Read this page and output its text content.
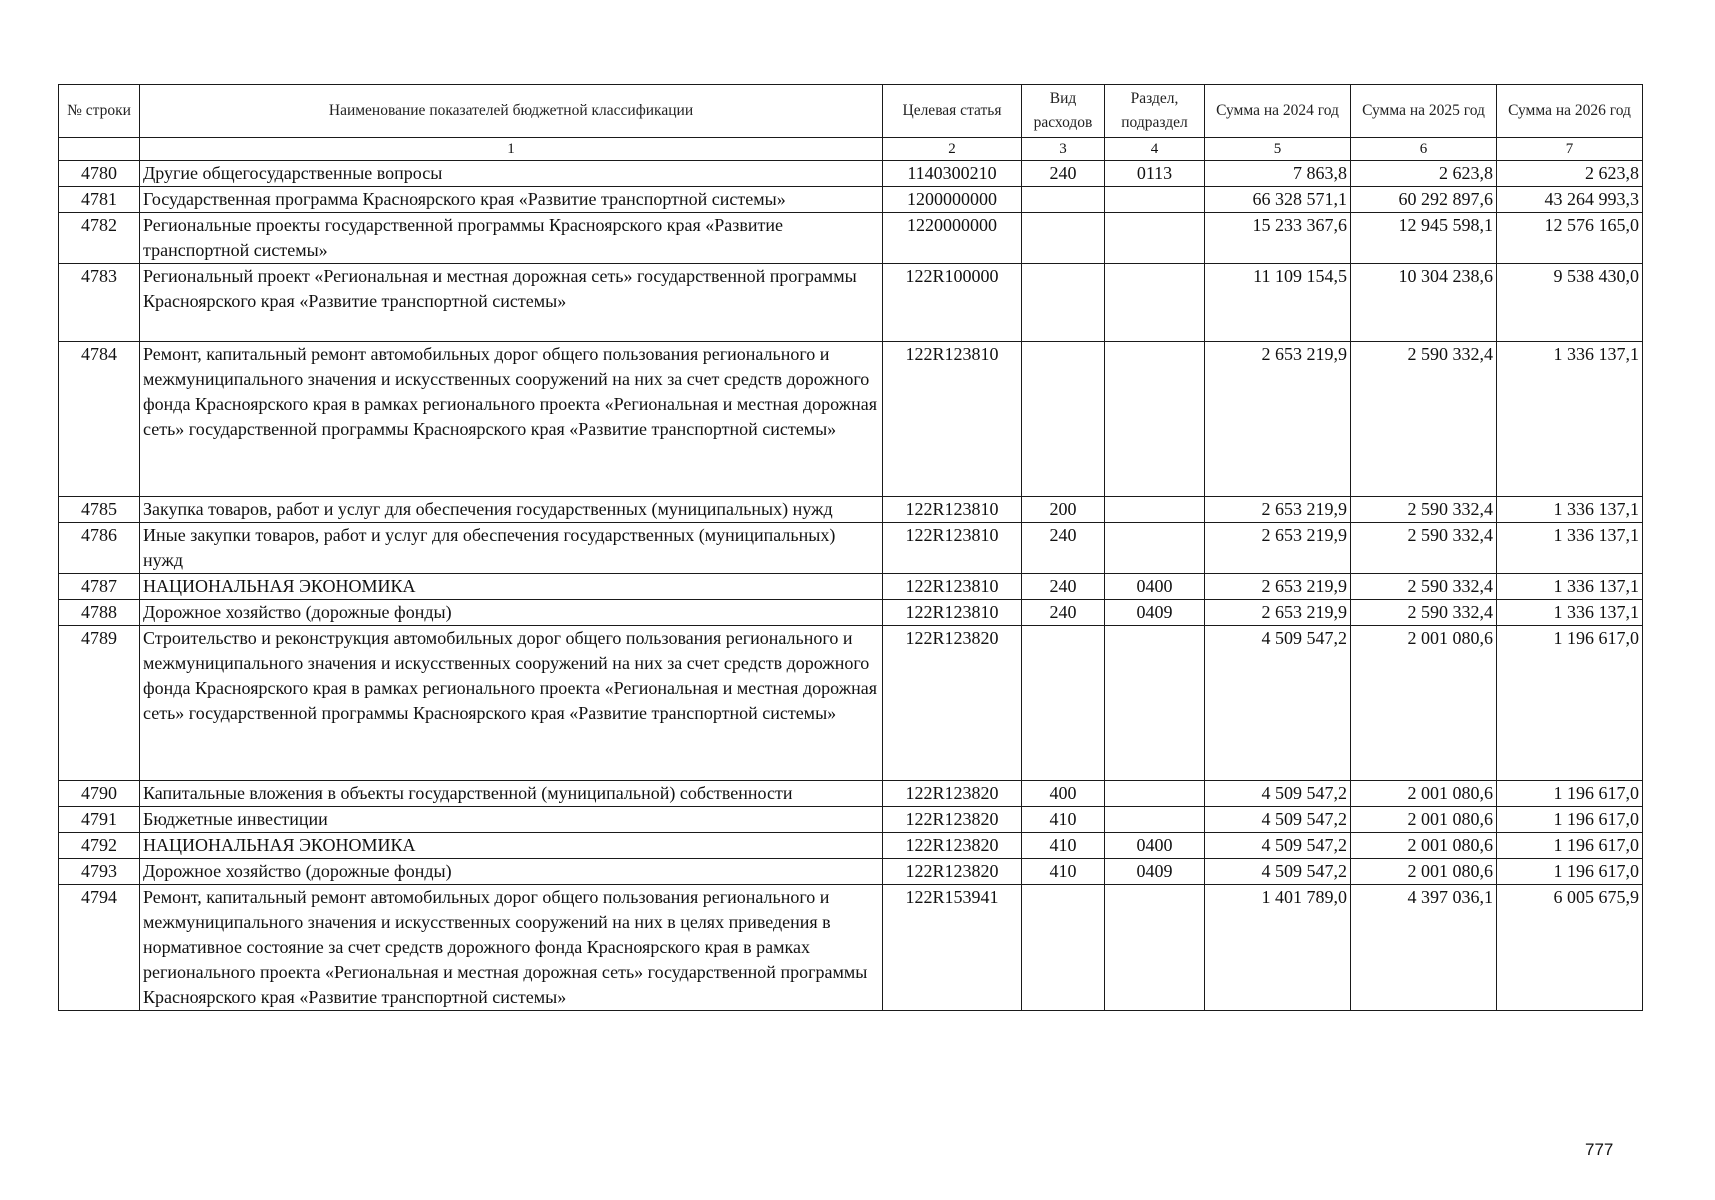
№ строки	Наименование показателей бюджетной классификации	Целевая статья	Вид расходов	Раздел, подраздел	Сумма на 2024 год	Сумма на 2025 год	Сумма на 2026 год
	1	2	3	4	5	6	7
4780	Другие общегосударственные вопросы	1140300210	240	0113	7 863,8	2 623,8	2 623,8
4781	Государственная программа Красноярского края «Развитие транспортной системы»	1200000000			66 328 571,1	60 292 897,6	43 264 993,3
4782	Региональные проекты государственной программы Красноярского края «Развитие транспортной системы»	1220000000			15 233 367,6	12 945 598,1	12 576 165,0
4783	Региональный проект «Региональная и местная дорожная сеть» государственной программы Красноярского края «Развитие транспортной системы»	122R100000			11 109 154,5	10 304 238,6	9 538 430,0
4784	Ремонт, капитальный ремонт автомобильных дорог общего пользования регионального и межмуниципального значения и искусственных сооружений на них за счет средств дорожного фонда Красноярского края в рамках регионального проекта «Региональная и местная дорожная сеть» государственной программы Красноярского края «Развитие транспортной системы»	122R123810			2 653 219,9	2 590 332,4	1 336 137,1
4785	Закупка товаров, работ и услуг для обеспечения государственных (муниципальных) нужд	122R123810	200		2 653 219,9	2 590 332,4	1 336 137,1
4786	Иные закупки товаров, работ и услуг для обеспечения государственных (муниципальных) нужд	122R123810	240		2 653 219,9	2 590 332,4	1 336 137,1
4787	НАЦИОНАЛЬНАЯ ЭКОНОМИКА	122R123810	240	0400	2 653 219,9	2 590 332,4	1 336 137,1
4788	Дорожное хозяйство (дорожные фонды)	122R123810	240	0409	2 653 219,9	2 590 332,4	1 336 137,1
4789	Строительство и реконструкция автомобильных дорог общего пользования регионального и межмуниципального значения и искусственных сооружений на них за счет средств дорожного фонда Красноярского края в рамках регионального проекта «Региональная и местная дорожная сеть» государственной программы Красноярского края «Развитие транспортной системы»	122R123820			4 509 547,2	2 001 080,6	1 196 617,0
4790	Капитальные вложения в объекты государственной (муниципальной) собственности	122R123820	400		4 509 547,2	2 001 080,6	1 196 617,0
4791	Бюджетные инвестиции	122R123820	410		4 509 547,2	2 001 080,6	1 196 617,0
4792	НАЦИОНАЛЬНАЯ ЭКОНОМИКА	122R123820	410	0400	4 509 547,2	2 001 080,6	1 196 617,0
4793	Дорожное хозяйство (дорожные фонды)	122R123820	410	0409	4 509 547,2	2 001 080,6	1 196 617,0
4794	Ремонт, капитальный ремонт автомобильных дорог общего пользования регионального и межмуниципального значения и искусственных сооружений на них в целях приведения в нормативное состояние за счет средств дорожного фонда Красноярского края в рамках регионального проекта «Региональная и местная дорожная сеть» государственной программы Красноярского края «Развитие транспортной системы»	122R153941			1 401 789,0	4 397 036,1	6 005 675,9
777
